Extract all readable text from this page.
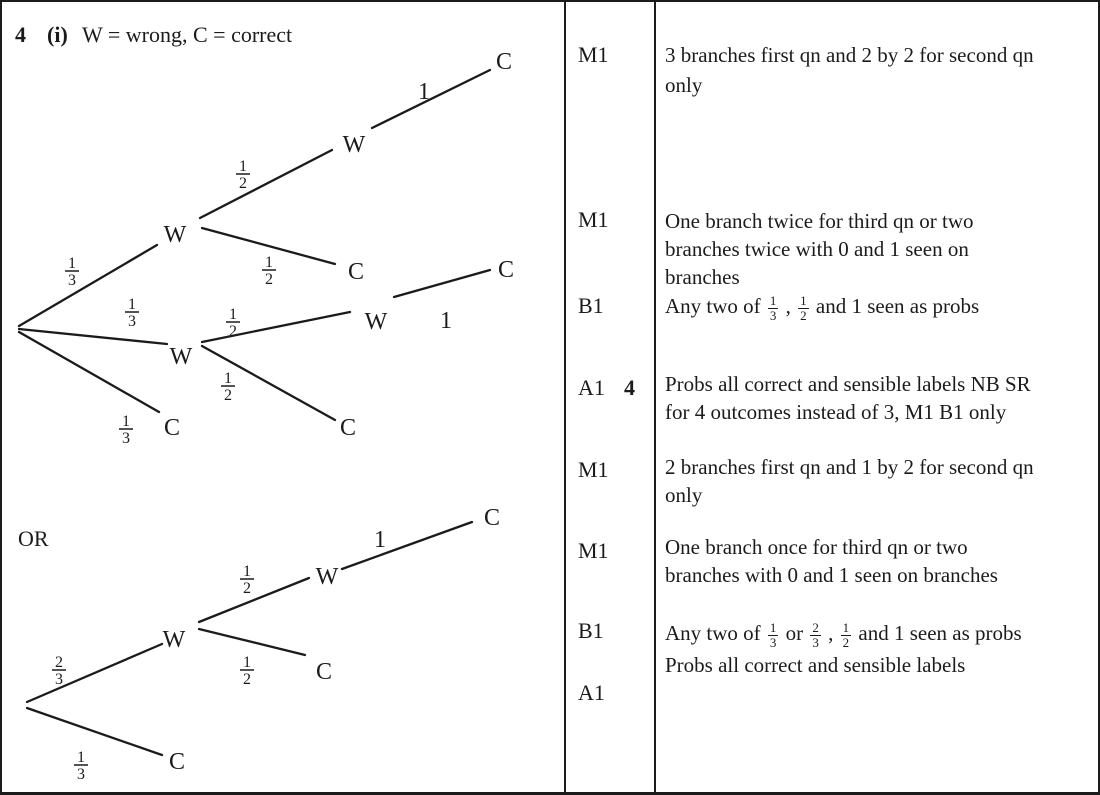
4 (i) W = wrong, C = correct
W
W
C
C
W
W
C
C
C
1
1
1
3
1
3
1
3
1
2
1
2
1
2
1
2
W
W
C
C
C
1
2
3
1
3
1
2
1
2
OR
M1
M1
B1
A1 4
M1
M1
B1
A1
3 branches first qn and 2 by 2 for second qn
only
One branch twice for third qn or two
branches twice with 0 and 1 seen on
branches
Any two of $\frac{1}{3}$ , $\frac{1}{2}$ and 1 seen as probs
Probs all correct and sensible labels NB SR
for 4 outcomes instead of 3, M1 B1 only
2 branches first qn and 1 by 2 for second qn
only
One branch once for third qn or two
branches with 0 and 1 seen on branches
Any two of $\frac{1}{3}$ or $\frac{2}{3}$ , $\frac{1}{2}$ and 1 seen as probs
Probs all correct and sensible labels
